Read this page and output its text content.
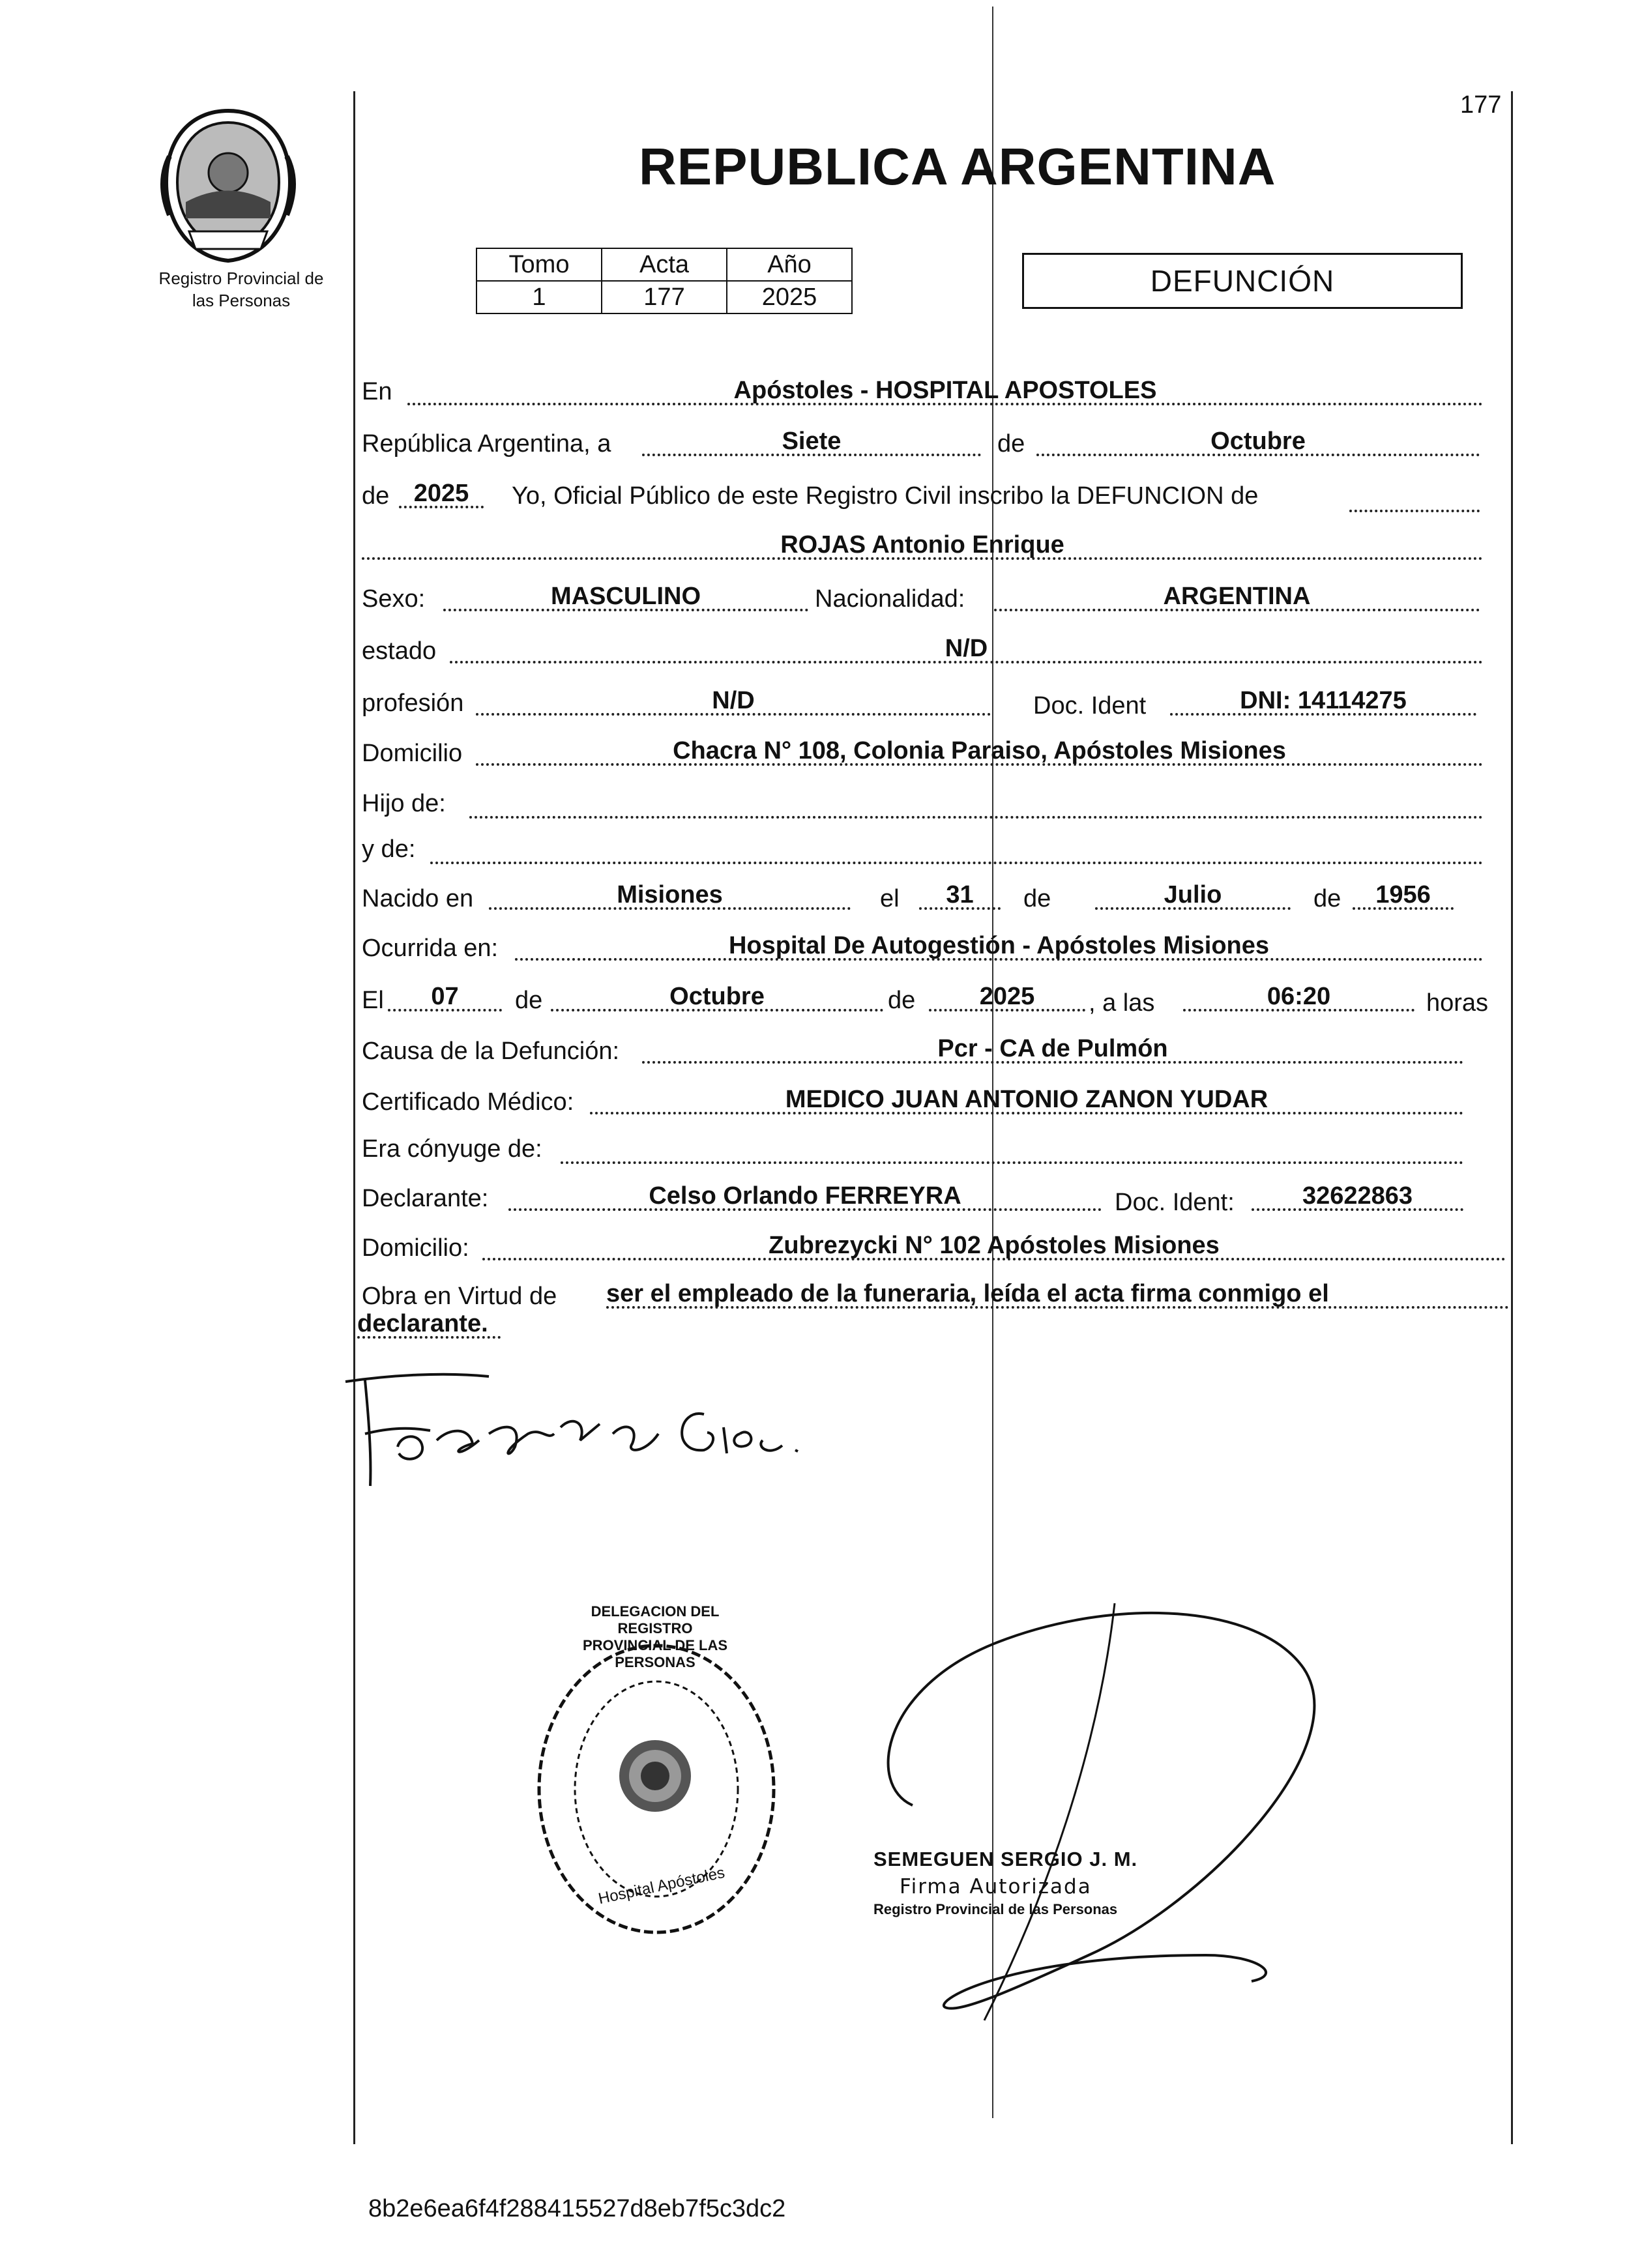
177
Registro Provincial de
las Personas
REPUBLICA ARGENTINA
Tomo	Acta	Año
1	177	2025	DEFUNCIÓN
En	Apóstoles - HOSPITAL APOSTOLES
República Argentina, a	Siete	de	Octubre
de 2025	Yo, Oficial Público de este Registro Civil inscribo la DEFUNCION de
ROJAS Antonio Enrique
Sexo:	MASCULINO	Nacionalidad:	ARGENTINA
estado	N/D
profesión	N/D	Doc. Ident	DNI: 14114275
Domicilio	Chacra N° 108, Colonia Paraiso, Apóstoles Misiones
Hijo de:
y de:
Nacido en	Misiones	el	31	de	Julio	de	1956
Ocurrida en:	Hospital De Autogestión - Apóstoles Misiones
El	07	de	Octubre	de	2025	, a las	06:20	horas
Causa de la Defunción:	Pcr - CA de Pulmón
Certificado Médico:	MEDICO JUAN ANTONIO ZANON YUDAR
Era cónyuge de:
Declarante:	Celso Orlando FERREYRA	Doc. Ident:	32622863
Domicilio:	Zubrezycki N° 102 Apóstoles Misiones
Obra en Virtud de ser el empleado de la funeraria, leída el acta firma conmigo el
declarante.
DELEGACION DEL REGISTRO PROVINCIAL DE LAS PERSONAS
Hospital Apóstoles
SEMEGUEN SERGIO J. M.
Firma Autorizada
Registro Provincial de las Personas
8b2e6ea6f4f288415527d8eb7f5c3dc2
